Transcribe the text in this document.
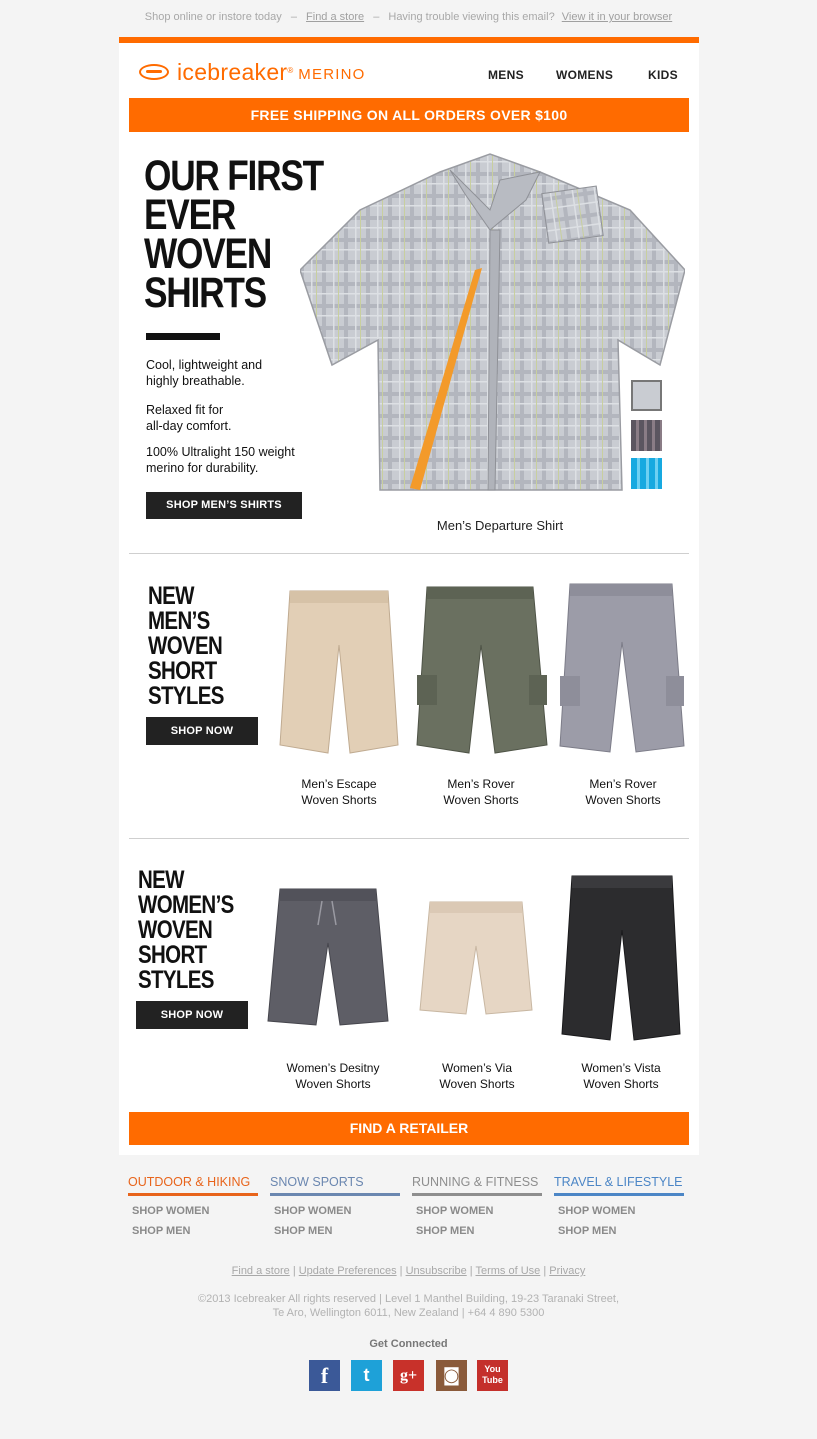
Shop online or instore today – Find a store – Having trouble viewing this email? View it in your browser
icebreaker ® MERINO	MENS	WOMENS	KIDS
FREE SHIPPING ON ALL ORDERS OVER $100
OUR FIRST
EVER
WOVEN
SHIRTS
Cool, lightweight and
highly breathable.
Relaxed fit for
all-day comfort.
100% Ultralight 150 weight
merino for durability.
SHOP MEN’S SHIRTS
Men’s Departure Shirt
NEW
MEN’S
WOVEN
SHORT
STYLES
SHOP NOW
Men’s Escape
Woven Shorts
Men’s Rover
Woven Shorts
Men’s Rover
Woven Shorts
NEW
WOMEN’S
WOVEN
SHORT
STYLES
SHOP NOW
Women’s Desitny
Woven Shorts
Women’s Via
Woven Shorts
Women’s Vista
Woven Shorts
FIND A RETAILER
OUTDOOR & HIKING
SHOP WOMEN
SHOP MEN
SNOW SPORTS
SHOP WOMEN
SHOP MEN
RUNNING & FITNESS
SHOP WOMEN
SHOP MEN
TRAVEL & LIFESTYLE
SHOP WOMEN
SHOP MEN
Find a store | Update Preferences | Unsubscribe | Terms of Use | Privacy
©2013 Icebreaker All rights reserved | Level 1 Manthel Building, 19-23 Taranaki Street,
Te Aro, Wellington 6011, New Zealand | +64 4 890 5300
Get Connected
f	t	g+	◙	You
Tube
